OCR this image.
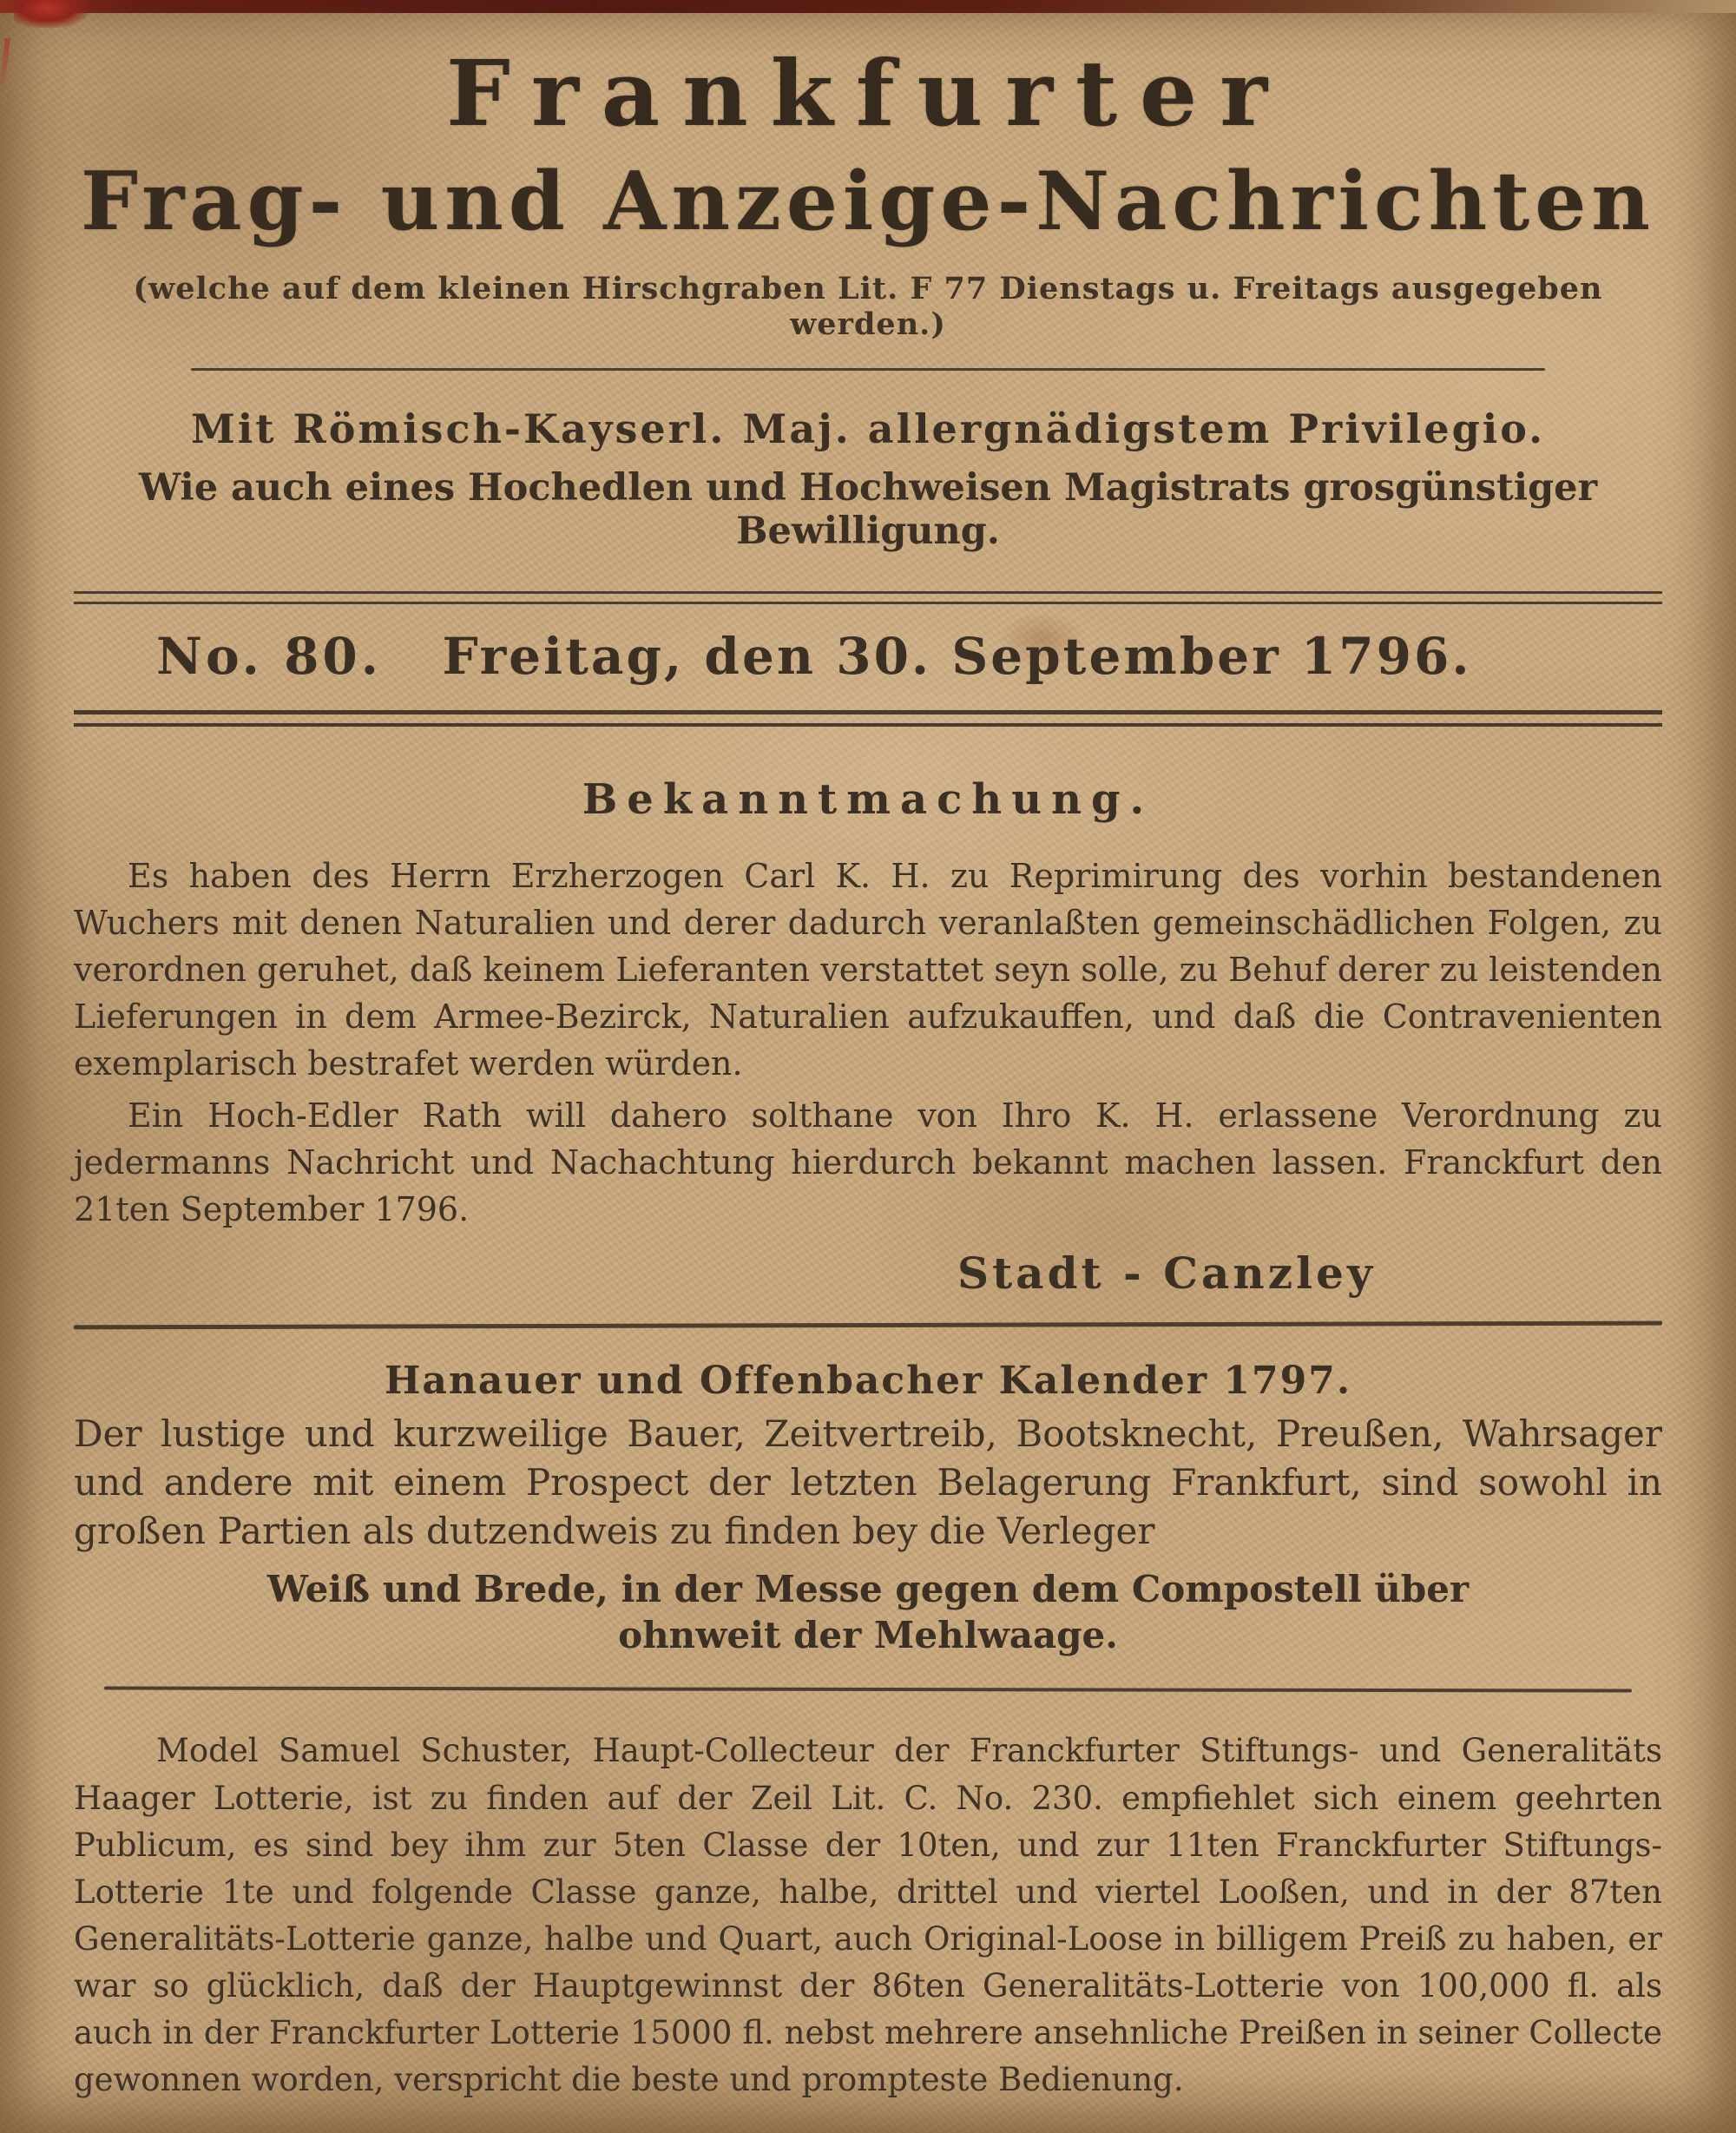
Frankfurter
Frag- und Anzeige-Nachrichten
(welche auf dem kleinen Hirschgraben Lit. F 77 Dienstags u. Freitags ausgegeben werden.)
Mit Römisch-Kayserl. Maj. allergnädigstem Privilegio.
Wie auch eines Hochedlen und Hochweisen Magistrats grosgünstiger Bewilligung.
No. 80.	Freitag, den 30. September 1796.
Bekanntmachung.
Es haben des Herrn Erzherzogen Carl K. H. zu Reprimirung des vorhin bestandenen Wuchers mit denen Naturalien und derer dadurch veranlaßten gemeinschädlichen Folgen, zu verordnen geruhet, daß keinem Lieferanten verstattet seyn solle, zu Behuf derer zu leistenden Lieferungen in dem Armee-Bezirck, Naturalien aufzukauffen, und daß die Contravenienten exemplarisch bestrafet werden würden.
Ein Hoch-Edler Rath will dahero solthane von Ihro K. H. erlassene Verordnung zu jedermanns Nachricht und Nachachtung hierdurch bekannt machen lassen. Franckfurt den 21ten September 1796.
Stadt - Canzley
Hanauer und Offenbacher Kalender 1797.
Der lustige und kurzweilige Bauer, Zeitvertreib, Bootsknecht, Preußen, Wahrsager und andere mit einem Prospect der letzten Belagerung Frankfurt, sind sowohl in großen Partien als dutzendweis zu finden bey die Verleger
Weiß und Brede, in der Messe gegen dem Compostell über
ohnweit der Mehlwaage.
Model Samuel Schuster, Haupt-Collecteur der Franckfurter Stiftungs- und Generalitäts Haager Lotterie, ist zu finden auf der Zeil Lit. C. No. 230. empfiehlet sich einem geehrten Publicum, es sind bey ihm zur 5ten Classe der 10ten, und zur 11ten Franckfurter Stiftungs-Lotterie 1te und folgende Classe ganze, halbe, drittel und viertel Looßen, und in der 87ten Generalitäts-Lotterie ganze, halbe und Quart, auch Original-Loose in billigem Preiß zu haben, er war so glücklich, daß der Hauptgewinnst der 86ten Generalitäts-Lotterie von 100,000 fl. als auch in der Franckfurter Lotterie 15000 fl. nebst mehrere ansehnliche Preißen in seiner Collecte gewonnen worden, verspricht die beste und prompteste Bedienung.
